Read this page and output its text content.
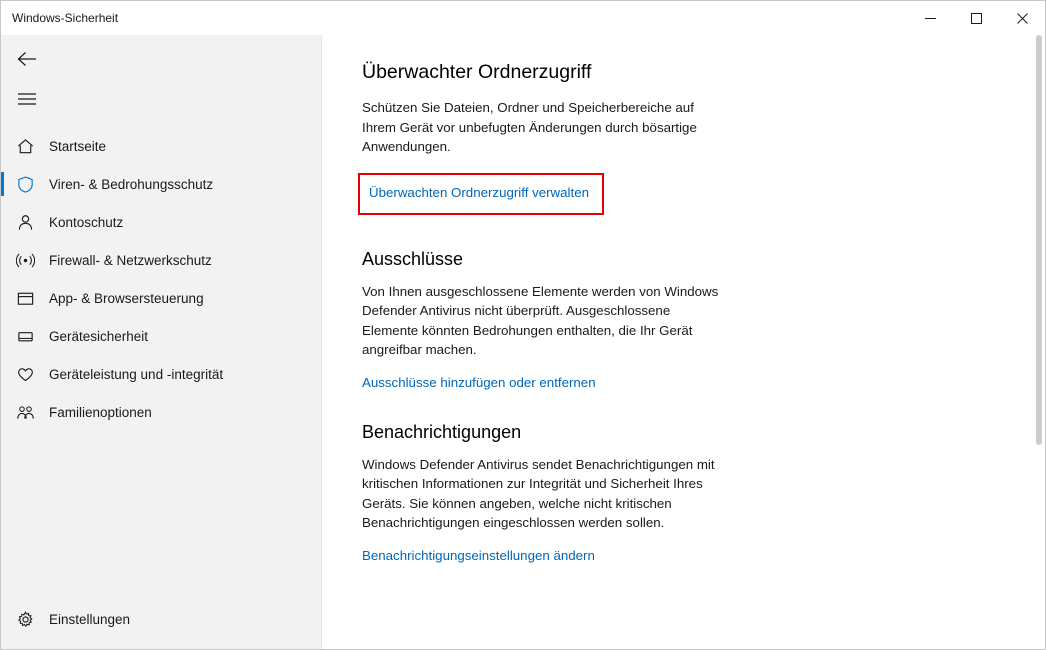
Windows-Sicherheit
Startseite
Viren- & Bedrohungsschutz
Kontoschutz
Firewall- & Netzwerkschutz
App- & Browsersteuerung
Gerätesicherheit
Geräteleistung und -integrität
Familienoptionen
Einstellungen
Überwachter Ordnerzugriff

Schützen Sie Dateien, Ordner und Speicherbereiche auf Ihrem Gerät vor unbefugten Änderungen durch bösartige Anwendungen.

Überwachten Ordnerzugriff verwalten
Ausschlüsse

Von Ihnen ausgeschlossene Elemente werden von Windows Defender Antivirus nicht überprüft. Ausgeschlossene Elemente könnten Bedrohungen enthalten, die Ihr Gerät angreifbar machen.

Ausschlüsse hinzufügen oder entfernen
Benachrichtigungen

Windows Defender Antivirus sendet Benachrichtigungen mit kritischen Informationen zur Integrität und Sicherheit Ihres Geräts. Sie können angeben, welche nicht kritischen Benachrichtigungen eingeschlossen werden sollen.

Benachrichtigungseinstellungen ändern
